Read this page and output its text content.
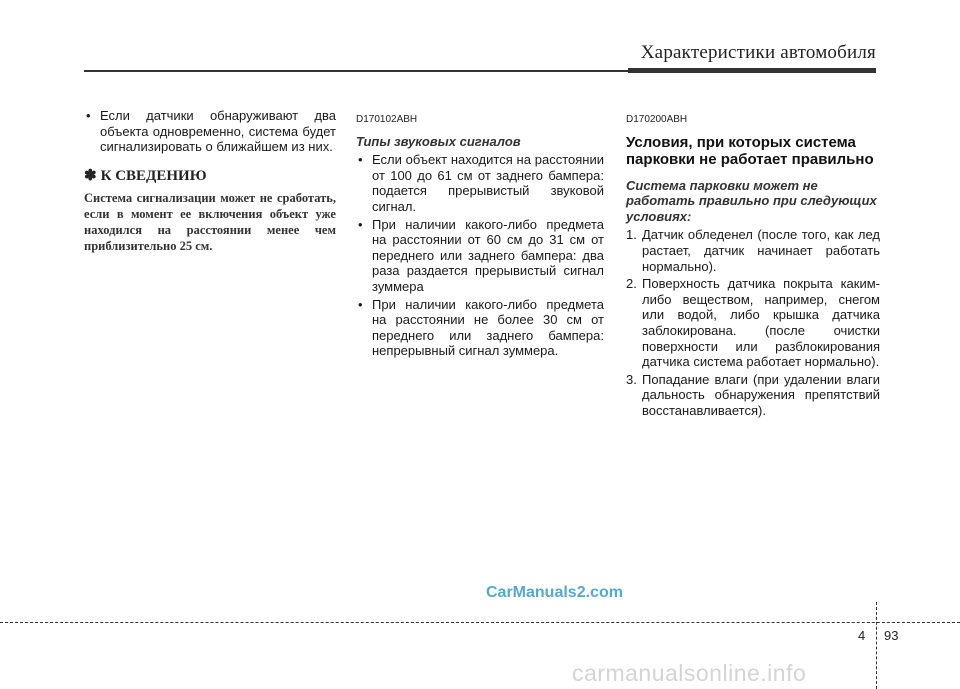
Характеристики автомобиля
• Если датчики обнаруживают два объекта одновременно, система будет сигнализировать о ближайшем из них.
✽ К СВЕДЕНИЮ
Система сигнализации может не сработать, если в момент ее включения объект уже находился на расстоянии менее чем приблизительно 25 см.
D170102ABH
Типы звуковых сигналов
• Если объект находится на расстоянии от 100 до 61 см от заднего бампера: подается прерывистый звуковой сигнал.
• При наличии какого-либо предмета на расстоянии от 60 см до 31 см от переднего или заднего бампера: два раза раздается прерывистый сигнал зуммера
• При наличии какого-либо предмета на расстоянии не более 30 см от переднего или заднего бампера: непрерывный сигнал зуммера.
D170200ABH
Условия, при которых система парковки не работает правильно
Система парковки может не работать правильно при следующих условиях:
1. Датчик обледенел (после того, как лед растает, датчик начинает работать нормально).
2. Поверхность датчика покрыта каким-либо веществом, например, снегом или водой, либо крышка датчика заблокирована. (после очистки поверхности или разблокирования датчика система работает нормально).
3. Попадание влаги (при удалении влаги дальность обнаружения препятствий восстанавливается).
CarManuals2.com
4 93
carmanualsonline.info
